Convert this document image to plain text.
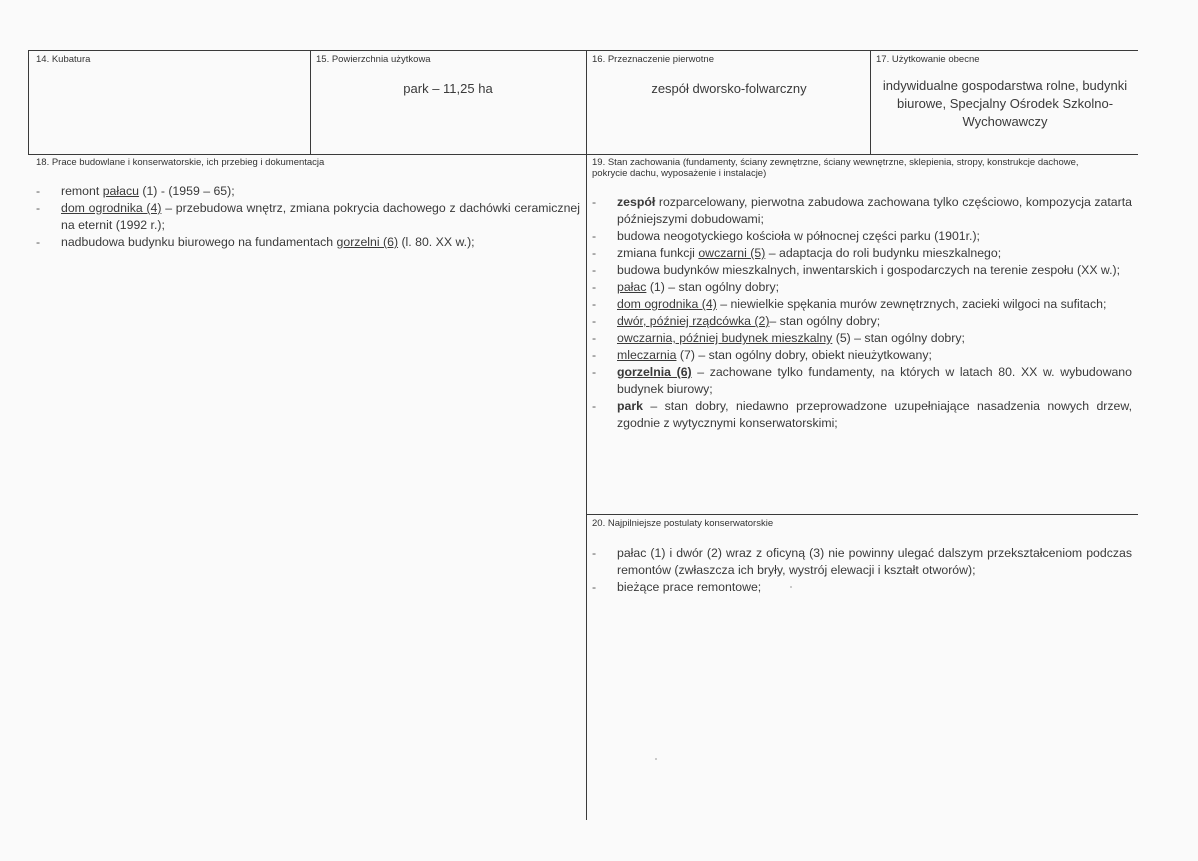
14. Kubatura	15. Powierzchnia użytkowa
park – 11,25 ha
16. Przeznaczenie pierwotne
zespół dworsko-folwarczny
17. Użytkowanie obecne
indywidualne gospodarstwa rolne, budynki biurowe, Specjalny Ośrodek Szkolno-Wychowawczy
18. Prace budowlane i konserwatorskie, ich przebieg i dokumentacja
- remont pałacu (1) - (1959 – 65);
- dom ogrodnika (4) – przebudowa wnętrz, zmiana pokrycia dachowego z dachówki ceramicznej na eternit (1992 r.);
- nadbudowa budynku biurowego na fundamentach gorzelni (6) (l. 80. XX w.);
19. Stan zachowania (fundamenty, ściany zewnętrzne, ściany wewnętrzne, sklepienia, stropy, konstrukcje dachowe, pokrycie dachu, wyposażenie i instalacje)
- zespół rozparcelowany, pierwotna zabudowa zachowana tylko częściowo, kompozycja zatarta późniejszymi dobudowami;
- budowa neogotyckiego kościoła w północnej części parku (1901r.);
- zmiana funkcji owczarni (5) – adaptacja do roli budynku mieszkalnego;
- budowa budynków mieszkalnych, inwentarskich i gospodarczych na terenie zespołu (XX w.);
- pałac (1) – stan ogólny dobry;
- dom ogrodnika (4) – niewielkie spękania murów zewnętrznych, zacieki wilgoci na sufitach;
- dwór, później rządcówka (2)– stan ogólny dobry;
- owczarnia, później budynek mieszkalny (5) – stan ogólny dobry;
- mleczarnia (7) – stan ogólny dobry, obiekt nieużytkowany;
- gorzelnia (6) – zachowane tylko fundamenty, na których w latach 80. XX w. wybudowano budynek biurowy;
- park – stan dobry, niedawno przeprowadzone uzupełniające nasadzenia nowych drzew, zgodnie z wytycznymi konserwatorskimi;
20. Najpilniejsze postulaty konserwatorskie
- pałac (1) i dwór (2) wraz z oficyną (3) nie powinny ulegać dalszym przekształceniom podczas remontów (zwłaszcza ich bryły, wystrój elewacji i kształt otworów);
- bieżące prace remontowe;
